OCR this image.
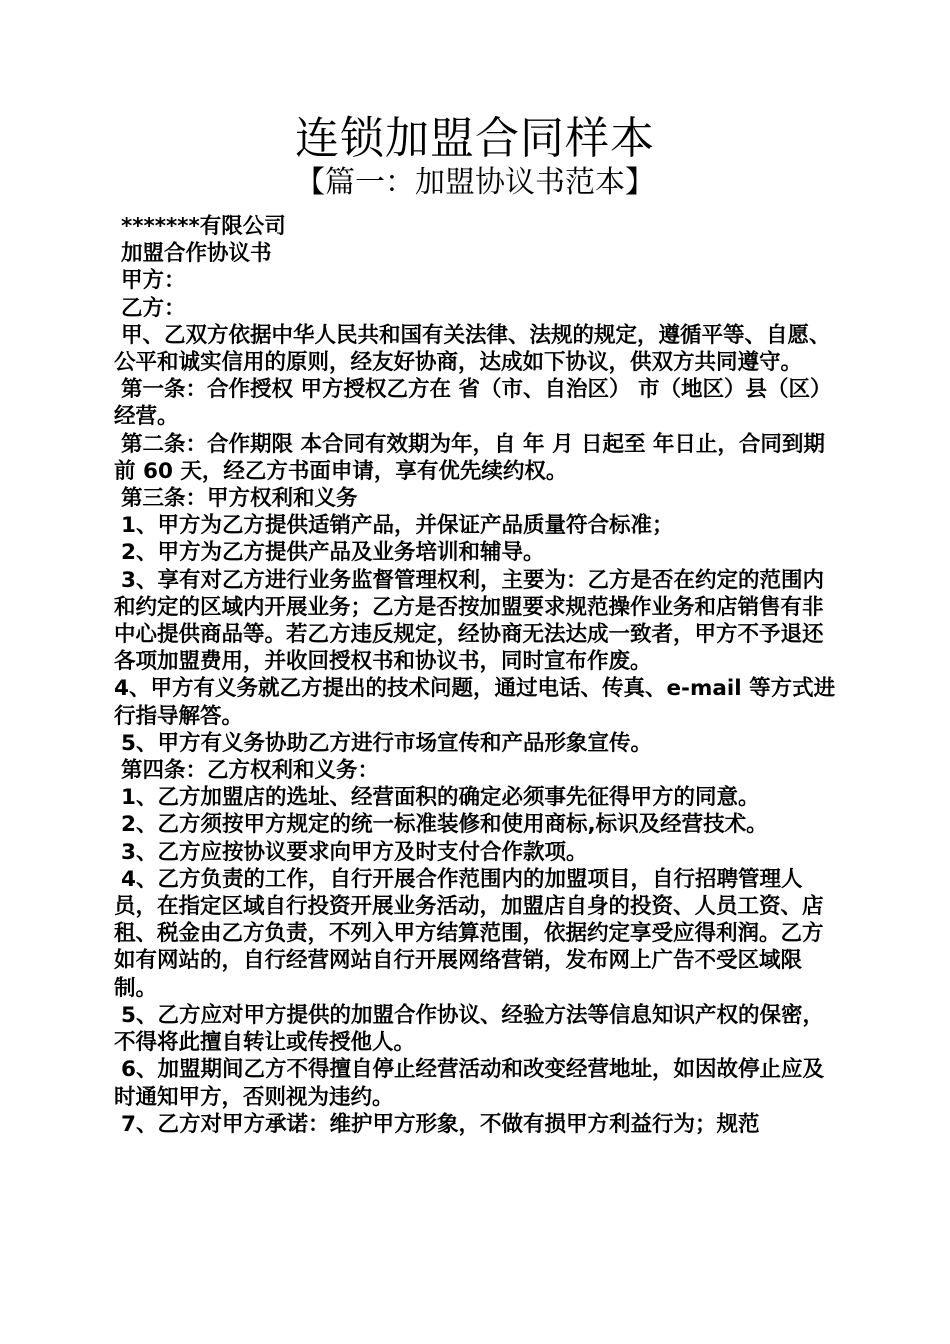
连锁加盟合同样本
【篇一：加盟协议书范本】

*******有限公司

加盟合作协议书

甲方：

乙方：

甲、乙双方依据中华人民共和国有关法律、法规的规定，遵循平等、自愿、公平和诚实信用的原则，经友好协商，达成如下协议，供双方共同遵守。

第一条：合作授权 甲方授权乙方在 省（市、自治区） 市（地区）县（区） 经营。

第二条：合作期限 本合同有效期为年，自 年 月 日起至 年日止，合同到期前 60 天，经乙方书面申请，享有优先续约权。

第三条：甲方权利和义务

1、甲方为乙方提供适销产品，并保证产品质量符合标准；

2、甲方为乙方提供产品及业务培训和辅导。

3、享有对乙方进行业务监督管理权利，主要为：乙方是否在约定的范围内和约定的区域内开展业务；乙方是否按加盟要求规范操作业务和店销售有非中心提供商品等。若乙方违反规定，经协商无法达成一致者，甲方不予退还各项加盟费用，并收回授权书和协议书，同时宣布作废。

4、甲方有义务就乙方提出的技术问题，通过电话、传真、e-mail 等方式进行指导解答。

5、甲方有义务协助乙方进行市场宣传和产品形象宣传。

第四条：乙方权利和义务：

1、乙方加盟店的选址、经营面积的确定必须事先征得甲方的同意。

2、乙方须按甲方规定的统一标准装修和使用商标,标识及经营技术。

3、乙方应按协议要求向甲方及时支付合作款项。

4、乙方负责的工作，自行开展合作范围内的加盟项目，自行招聘管理人员，在指定区域自行投资开展业务活动，加盟店自身的投资、人员工资、店租、税金由乙方负责，不列入甲方结算范围，依据约定享受应得利润。乙方如有网站的，自行经营网站自行开展网络营销，发布网上广告不受区域限制。

5、乙方应对甲方提供的加盟合作协议、经验方法等信息知识产权的保密，不得将此擅自转让或传授他人。

6、加盟期间乙方不得擅自停止经营活动和改变经营地址，如因故停止应及时通知甲方，否则视为违约。

7、乙方对甲方承诺：维护甲方形象，不做有损甲方利益行为；规范
